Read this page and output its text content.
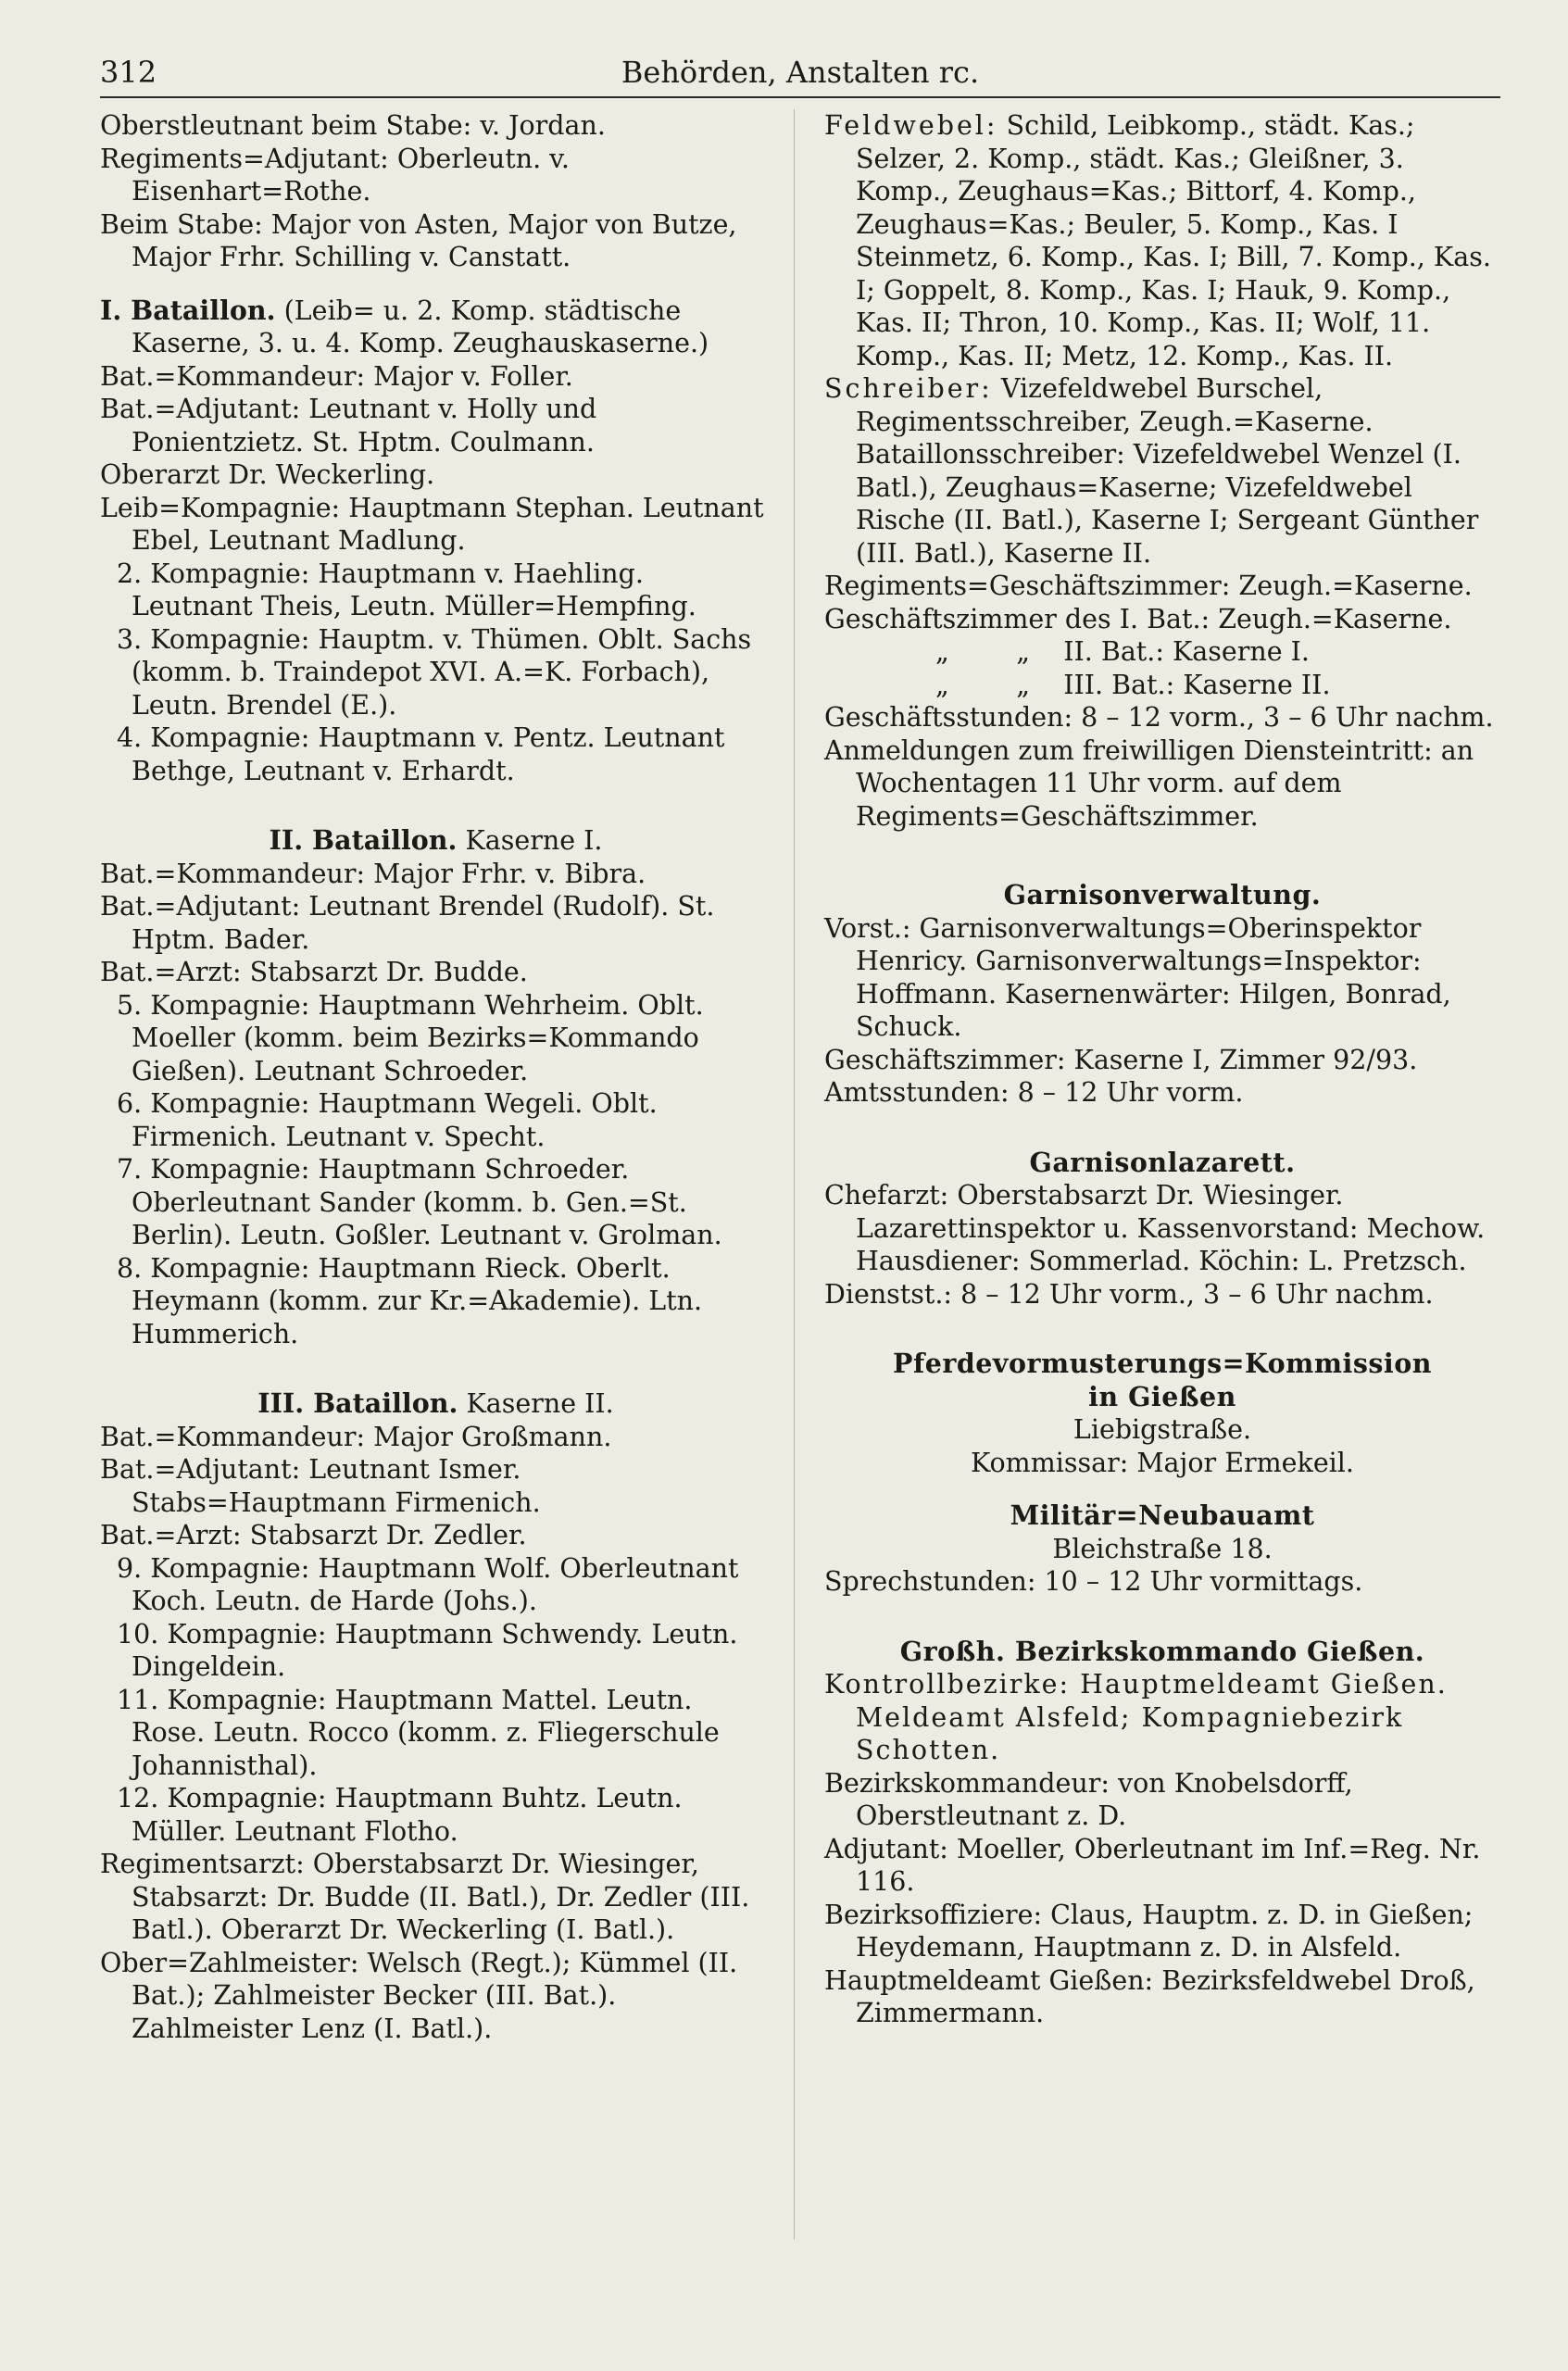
312	Behörden, Anstalten rc.

Oberstleutnant beim Stabe: v. Jordan.

Regiments=Adjutant: Oberleutn. v. Eisenhart=Rothe.

Beim Stabe: Major von Asten, Major von Butze, Major Frhr. Schilling v. Canstatt.

I. Bataillon. (Leib= u. 2. Komp. städtische Kaserne, 3. u. 4. Komp. Zeughauskaserne.)

Bat.=Kommandeur: Major v. Foller.

Bat.=Adjutant: Leutnant v. Holly und Ponientzietz. St. Hptm. Coulmann.

Oberarzt Dr. Weckerling.

Leib=Kompagnie: Hauptmann Stephan. Leutnant Ebel, Leutnant Madlung.

2. Kompagnie: Hauptmann v. Haehling. Leutnant Theis, Leutn. Müller=Hempfing.

3. Kompagnie: Hauptm. v. Thümen. Oblt. Sachs (komm. b. Traindepot XVI. A.=K. Forbach), Leutn. Brendel (E.).

4. Kompagnie: Hauptmann v. Pentz. Leutnant Bethge, Leutnant v. Erhardt.

II. Bataillon. Kaserne I.

Bat.=Kommandeur: Major Frhr. v. Bibra.

Bat.=Adjutant: Leutnant Brendel (Rudolf). St. Hptm. Bader.

Bat.=Arzt: Stabsarzt Dr. Budde.

5. Kompagnie: Hauptmann Wehrheim. Oblt. Moeller (komm. beim Bezirks=Kommando Gießen). Leutnant Schroeder.

6. Kompagnie: Hauptmann Wegeli. Oblt. Firmenich. Leutnant v. Specht.

7. Kompagnie: Hauptmann Schroeder. Oberleutnant Sander (komm. b. Gen.=St. Berlin). Leutn. Goßler. Leutnant v. Grolman.

8. Kompagnie: Hauptmann Rieck. Oberlt. Heymann (komm. zur Kr.=Akademie). Ltn. Hummerich.

III. Bataillon. Kaserne II.

Bat.=Kommandeur: Major Großmann.

Bat.=Adjutant: Leutnant Ismer. Stabs=Hauptmann Firmenich.

Bat.=Arzt: Stabsarzt Dr. Zedler.

9. Kompagnie: Hauptmann Wolf. Oberleutnant Koch. Leutn. de Harde (Johs.).

10. Kompagnie: Hauptmann Schwendy. Leutn. Dingeldein.

11. Kompagnie: Hauptmann Mattel. Leutn. Rose. Leutn. Rocco (komm. z. Fliegerschule Johannisthal).

12. Kompagnie: Hauptmann Buhtz. Leutn. Müller. Leutnant Flotho.

Regimentsarzt: Oberstabsarzt Dr. Wiesinger, Stabsarzt: Dr. Budde (II. Batl.), Dr. Zedler (III. Batl.). Oberarzt Dr. Weckerling (I. Batl.).

Ober=Zahlmeister: Welsch (Regt.); Kümmel (II. Bat.); Zahlmeister Becker (III. Bat.). Zahlmeister Lenz (I. Batl.).

Feldwebel: Schild, Leibkomp., städt. Kas.; Selzer, 2. Komp., städt. Kas.; Gleißner, 3. Komp., Zeughaus=Kas.; Bittorf, 4. Komp., Zeughaus=Kas.; Beuler, 5. Komp., Kas. I Steinmetz, 6. Komp., Kas. I; Bill, 7. Komp., Kas. I; Goppelt, 8. Komp., Kas. I; Hauk, 9. Komp., Kas. II; Thron, 10. Komp., Kas. II; Wolf, 11. Komp., Kas. II; Metz, 12. Komp., Kas. II.

Schreiber: Vizefeldwebel Burschel, Regimentsschreiber, Zeugh.=Kaserne. Bataillonsschreiber: Vizefeldwebel Wenzel (I. Batl.), Zeughaus=Kaserne; Vizefeldwebel Rische (II. Batl.), Kaserne I; Sergeant Günther (III. Batl.), Kaserne II.

Regiments=Geschäftszimmer: Zeugh.=Kaserne.

Geschäftszimmer des I. Bat.: Zeugh.=Kaserne.

„        „    II. Bat.: Kaserne I.

„        „    III. Bat.: Kaserne II.

Geschäftsstunden: 8 – 12 vorm., 3 – 6 Uhr nachm.

Anmeldungen zum freiwilligen Diensteintritt: an Wochentagen 11 Uhr vorm. auf dem Regiments=Geschäftszimmer.

Garnisonverwaltung.

Vorst.: Garnisonverwaltungs=Oberinspektor Henricy. Garnisonverwaltungs=Inspektor: Hoffmann. Kasernenwärter: Hilgen, Bonrad, Schuck.

Geschäftszimmer: Kaserne I, Zimmer 92/93.

Amtsstunden: 8 – 12 Uhr vorm.

Garnisonlazarett.

Chefarzt: Oberstabsarzt Dr. Wiesinger. Lazarettinspektor u. Kassenvorstand: Mechow. Hausdiener: Sommerlad. Köchin: L. Pretzsch.

Dienstst.: 8 – 12 Uhr vorm., 3 – 6 Uhr nachm.

Pferdevormusterungs=Kommission

in Gießen

Liebigstraße.

Kommissar: Major Ermekeil.

Militär=Neubauamt

Bleichstraße 18.

Sprechstunden: 10 – 12 Uhr vormittags.

Großh. Bezirkskommando Gießen.

Kontrollbezirke: Hauptmeldeamt Gießen. Meldeamt Alsfeld; Kompagniebezirk Schotten.

Bezirkskommandeur: von Knobelsdorff, Oberstleutnant z. D.

Adjutant: Moeller, Oberleutnant im Inf.=Reg. Nr. 116.

Bezirksoffiziere: Claus, Hauptm. z. D. in Gießen; Heydemann, Hauptmann z. D. in Alsfeld.

Hauptmeldeamt Gießen: Bezirksfeldwebel Droß, Zimmermann.
